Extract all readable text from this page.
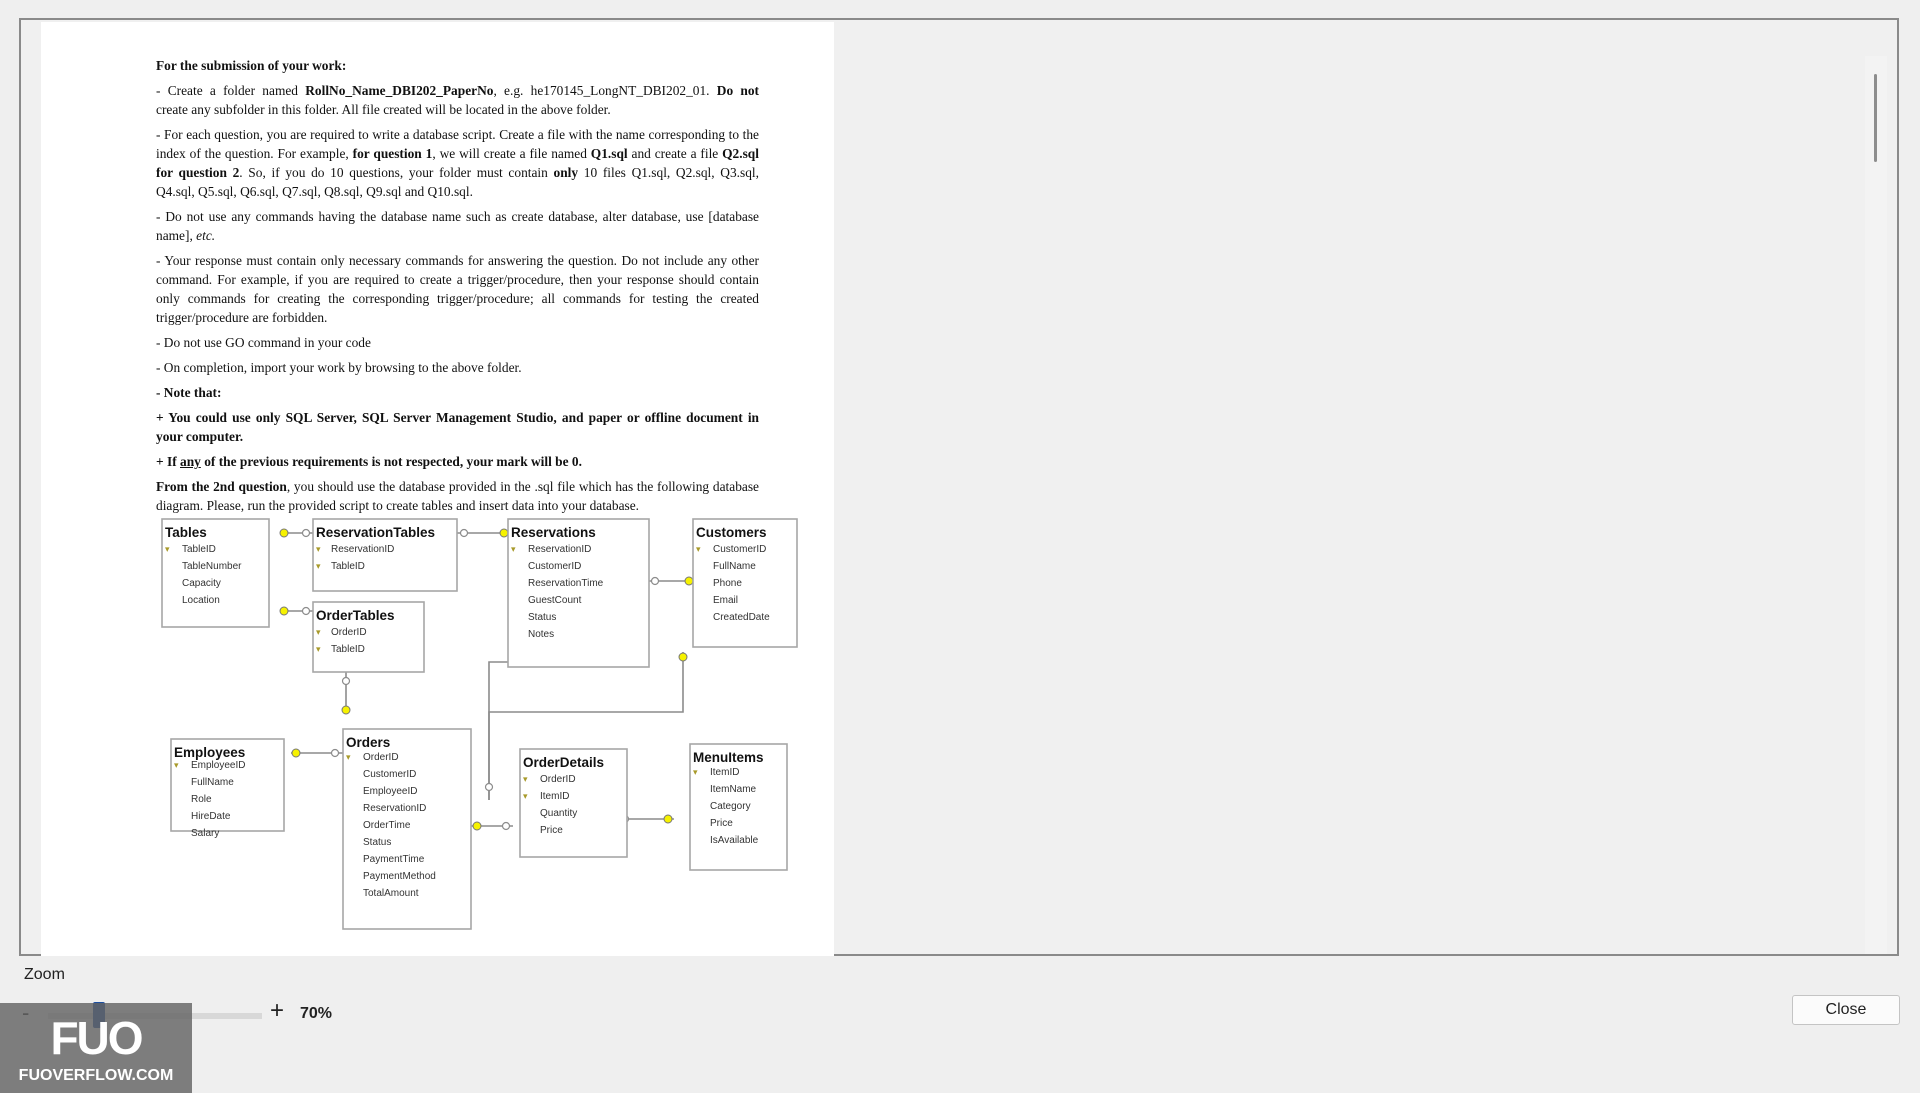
For the submission of your work:

- Create a folder named RollNo_Name_DBI202_PaperNo, e.g. he170145_LongNT_DBI202_01. Do not create any subfolder in this folder. All file created will be located in the above folder.

- For each question, you are required to write a database script. Create a file with the name corresponding to the index of the question. For example, for question 1, we will create a file named Q1.sql and create a file Q2.sql for question 2. So, if you do 10 questions, your folder must contain only 10 files Q1.sql, Q2.sql, Q3.sql, Q4.sql, Q5.sql, Q6.sql, Q7.sql, Q8.sql, Q9.sql and Q10.sql.

- Do not use any commands having the database name such as create database, alter database, use [database name], etc.

- Your response must contain only necessary commands for answering the question. Do not include any other command. For example, if you are required to create a trigger/procedure, then your response should contain only commands for creating the corresponding trigger/procedure; all commands for testing the created trigger/procedure are forbidden.

- Do not use GO command in your code

- On completion, import your work by browsing to the above folder.

- Note that:

+ You could use only SQL Server, SQL Server Management Studio, and paper or offline document in your computer.

+ If any of the previous requirements is not respected, your mark will be 0.

From the 2nd question, you should use the database provided in the .sql file which has the following database diagram. Please, run the provided script to create tables and insert data into your database.

Tables
▾ TableID
TableNumber
Capacity
Location
ReservationTables
▾ ReservationID
▾ TableID
Reservations
▾ ReservationID
CustomerID
ReservationTime
GuestCount
Status
Notes
Customers
▾ CustomerID
FullName
Phone
Email
CreatedDate
OrderTables
▾ OrderID
▾ TableID
Employees
▾ EmployeeID
FullName
Role
HireDate
Salary
Orders
▾ OrderID
CustomerID
EmployeeID
ReservationID
OrderTime
Status
PaymentTime
PaymentMethod
TotalAmount
OrderDetails
▾ OrderID
▾ ItemID
Quantity
Price
MenuItems
▾ ItemID
ItemName
Category
Price
IsAvailable
Zoom
+ 70%	Close
FUO
FUOVERFLOW.COM
